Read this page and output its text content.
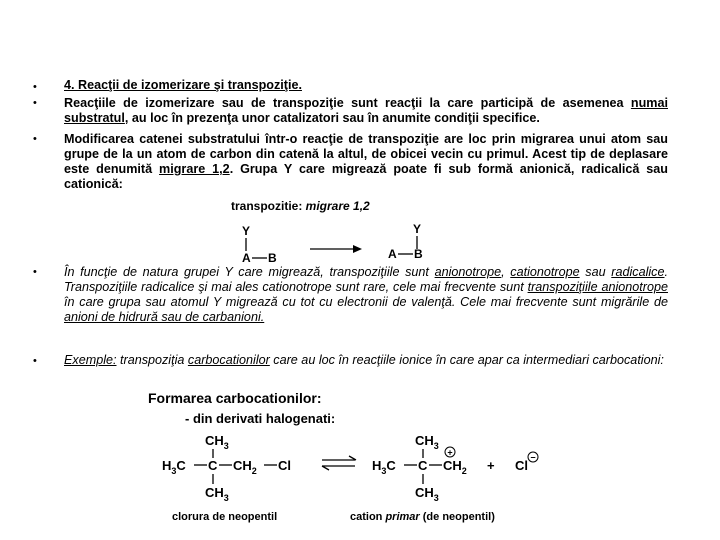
•
•
•
•
•
4. Reacţii de izomerizare şi transpoziţie.
Reacţiile de izomerizare sau de transpoziţie sunt reacţii la care participă de asemenea numai substratul, au loc în prezenţa unor catalizatori sau în anumite condiţii specifice.
Modificarea catenei substratului într-o reacţie de transpoziţie are loc prin migrarea unui atom sau grupe de la un atom de carbon din catenă la altul, de obicei vecin cu primul. Acest tip de deplasare este denumită migrare 1,2. Grupa Y care migrează poate fi sub formă anionică, radicalică sau cationică:
transpozitie: migrare 1,2
Y
A B
Y
A B
În funcţie de natura grupei Y care migrează, transpoziţiile sunt anionotrope, cationotrope sau radicalice. Transpoziţiile radicalice şi mai ales cationotrope sunt rare, cele mai frecvente sunt transpoziţiile anionotrope în care grupa sau atomul Y migrează cu tot cu electronii de valenţă. Cele mai frecvente sunt migrările de anioni de hidrură sau de carbanioni.
Exemple: transpoziţia carbocationilor care au loc în reacţiile ionice în care apar ca intermediari carbocationi:
Formarea carbocationilor:
- din derivati halogenati:
$CH_3$
$H_3C$ C $CH_2$ Cl
$CH_3$
clorura de neopentil
$CH_3$
$H_3C$ C $CH_2$
+
+ Cl
−
$CH_3$
cation primar (de neopentil)
